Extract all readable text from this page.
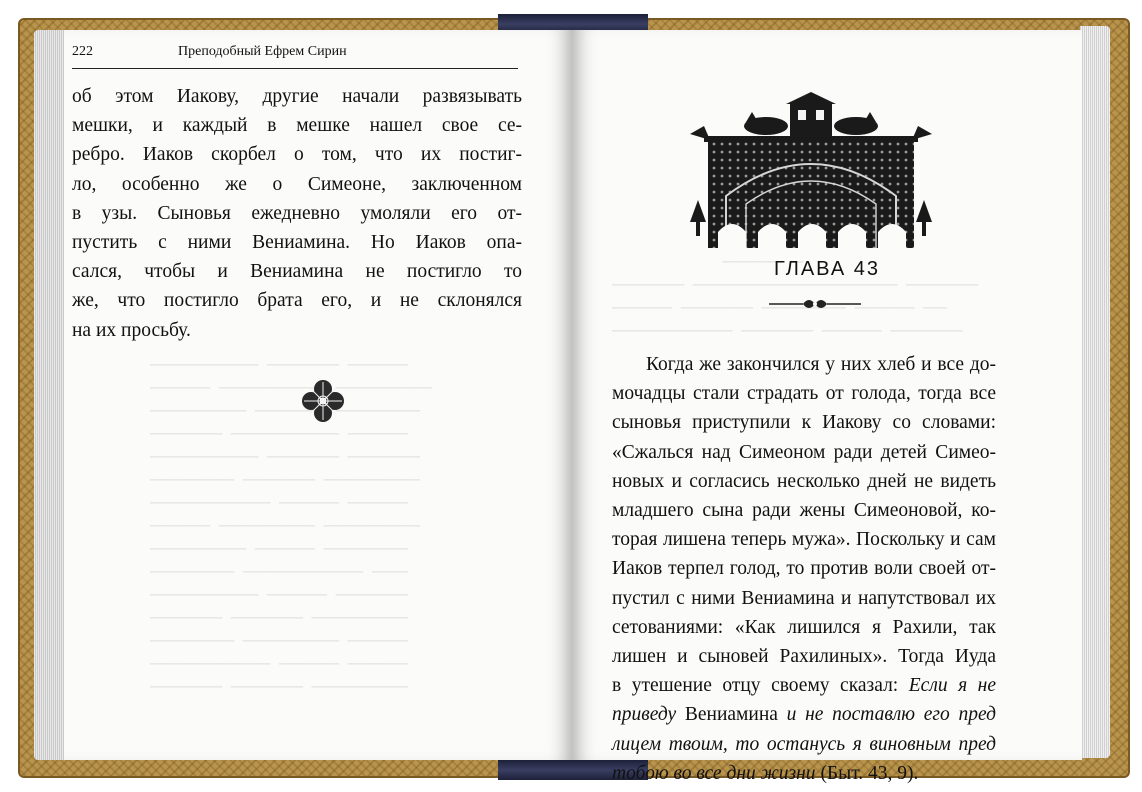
222	Преподобный Ефрем Сирин
об этом Иакову, другие начали развязывать
мешки, и каждый в мешке нашел свое се-
ребро. Иаков скорбел о том, что их постиг-
ло, особенно же о Симеоне, заключенном
в узы. Сыновья ежедневно умоляли его от-
пустить с ними Вениамина. Но Иаков опа-
сался, чтобы и Вениамина не постигло то
же, что постигло брата его, и не склонялся
на их просьбу.
ГЛАВА 43
Когда же закончился у них хлеб и все до-
мочадцы стали страдать от голода, тогда все
сыновья приступили к Иакову со словами:
«Сжалься над Симеоном ради детей Симео-
новых и согласись несколько дней не видеть
младшего сына ради жены Симеоновой, ко-
торая лишена теперь мужа». Поскольку и сам
Иаков терпел голод, то против воли своей от-
пустил с ними Вениамина и напутствовал их
сетованиями: «Как лишился я Рахили, так
лишен и сыновей Рахилиных». Тогда Иуда
в утешение отцу своему сказал: Если я не
приведу Вениамина и не поставлю его пред
лицем твоим, то останусь я виновным пред
тобою во все дни жизни (Быт. 43, 9).
